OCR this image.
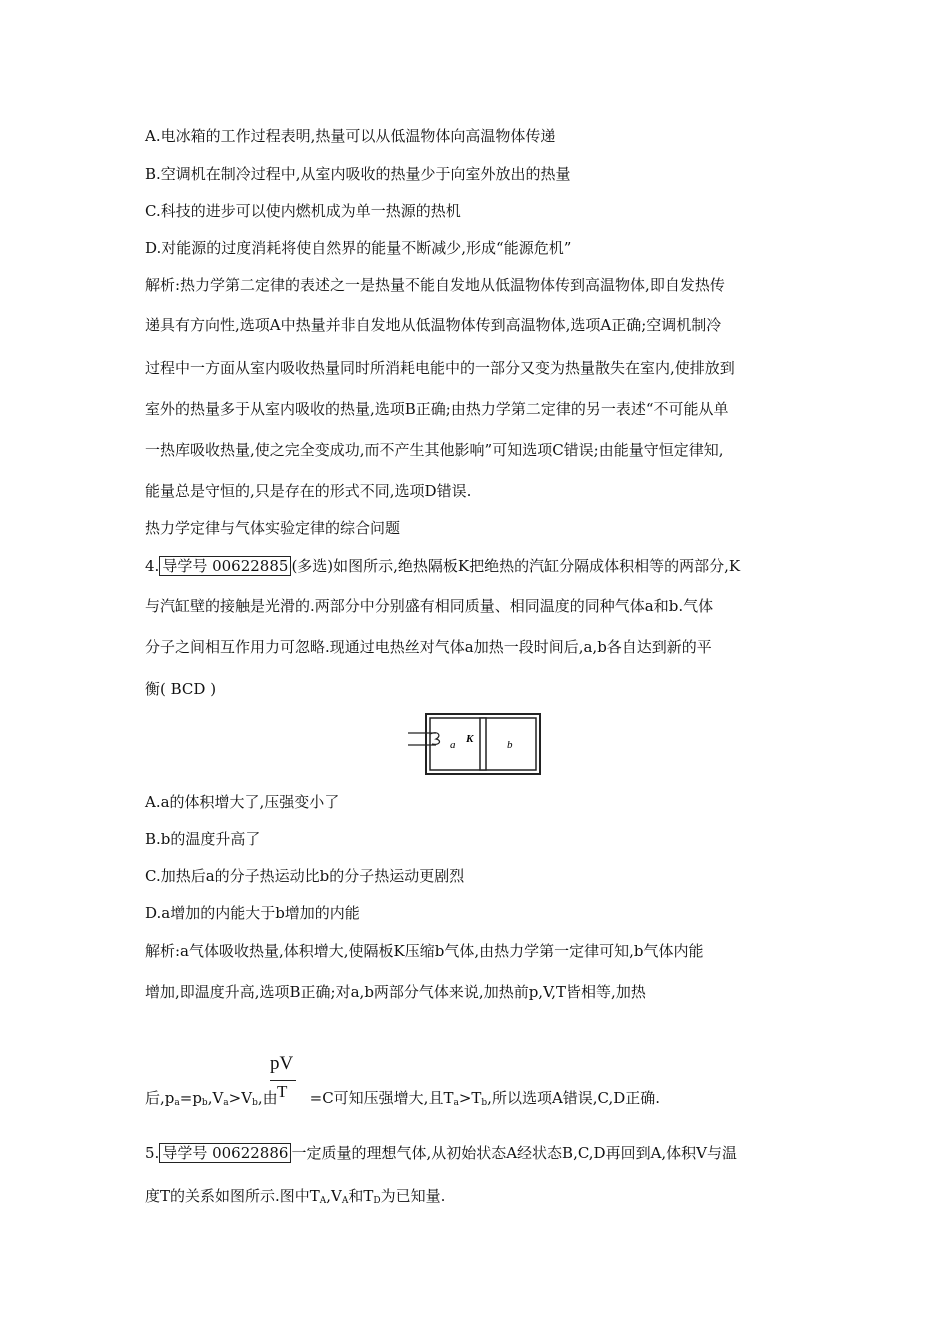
A.电冰箱的工作过程表明,热量可以从低温物体向高温物体传递
B.空调机在制冷过程中,从室内吸收的热量少于向室外放出的热量
C.科技的进步可以使内燃机成为单一热源的热机
D.对能源的过度消耗将使自然界的能量不断减少,形成“能源危机”
解析:热力学第二定律的表述之一是热量不能自发地从低温物体传到高温物体,即自发热传
递具有方向性,选项A中热量并非自发地从低温物体传到高温物体,选项A正确;空调机制冷
过程中一方面从室内吸收热量同时所消耗电能中的一部分又变为热量散失在室内,使排放到
室外的热量多于从室内吸收的热量,选项B正确;由热力学第二定律的另一表述“不可能从单
一热库吸收热量,使之完全变成功,而不产生其他影响”可知选项C错误;由能量守恒定律知,
能量总是守恒的,只是存在的形式不同,选项D错误.
热力学定律与气体实验定律的综合问题
4. 导学号 00622885 (多选)如图所示,绝热隔板K把绝热的汽缸分隔成体积相等的两部分,K
与汽缸壁的接触是光滑的.两部分中分别盛有相同质量、相同温度的同种气体a和b.气体
分子之间相互作用力可忽略.现通过电热丝对气体a加热一段时间后,a,b各自达到新的平
衡( BCD )
a K	b
A.a的体积增大了,压强变小了
B.b的温度升高了
C.加热后a的分子热运动比b的分子热运动更剧烈
D.a增加的内能大于b增加的内能
解析:a气体吸收热量,体积增大,使隔板K压缩b气体,由热力学第一定律可知,b气体内能
增加,即温度升高,选项B正确;对a,b两部分气体来说,加热前p,V,T皆相等,加热
pV
T
后$,p_a=p_b,V_a>V_b$,由 =C可知压强增大,且$T_a>T_b$,所以选项A错误,C,D正确.
5. 导学号 00622886 一定质量的理想气体,从初始状态A经状态B,C,D再回到A,体积V与温
度T的关系如图所示.图中$T_A,V_A$和$T_D$为已知量.
